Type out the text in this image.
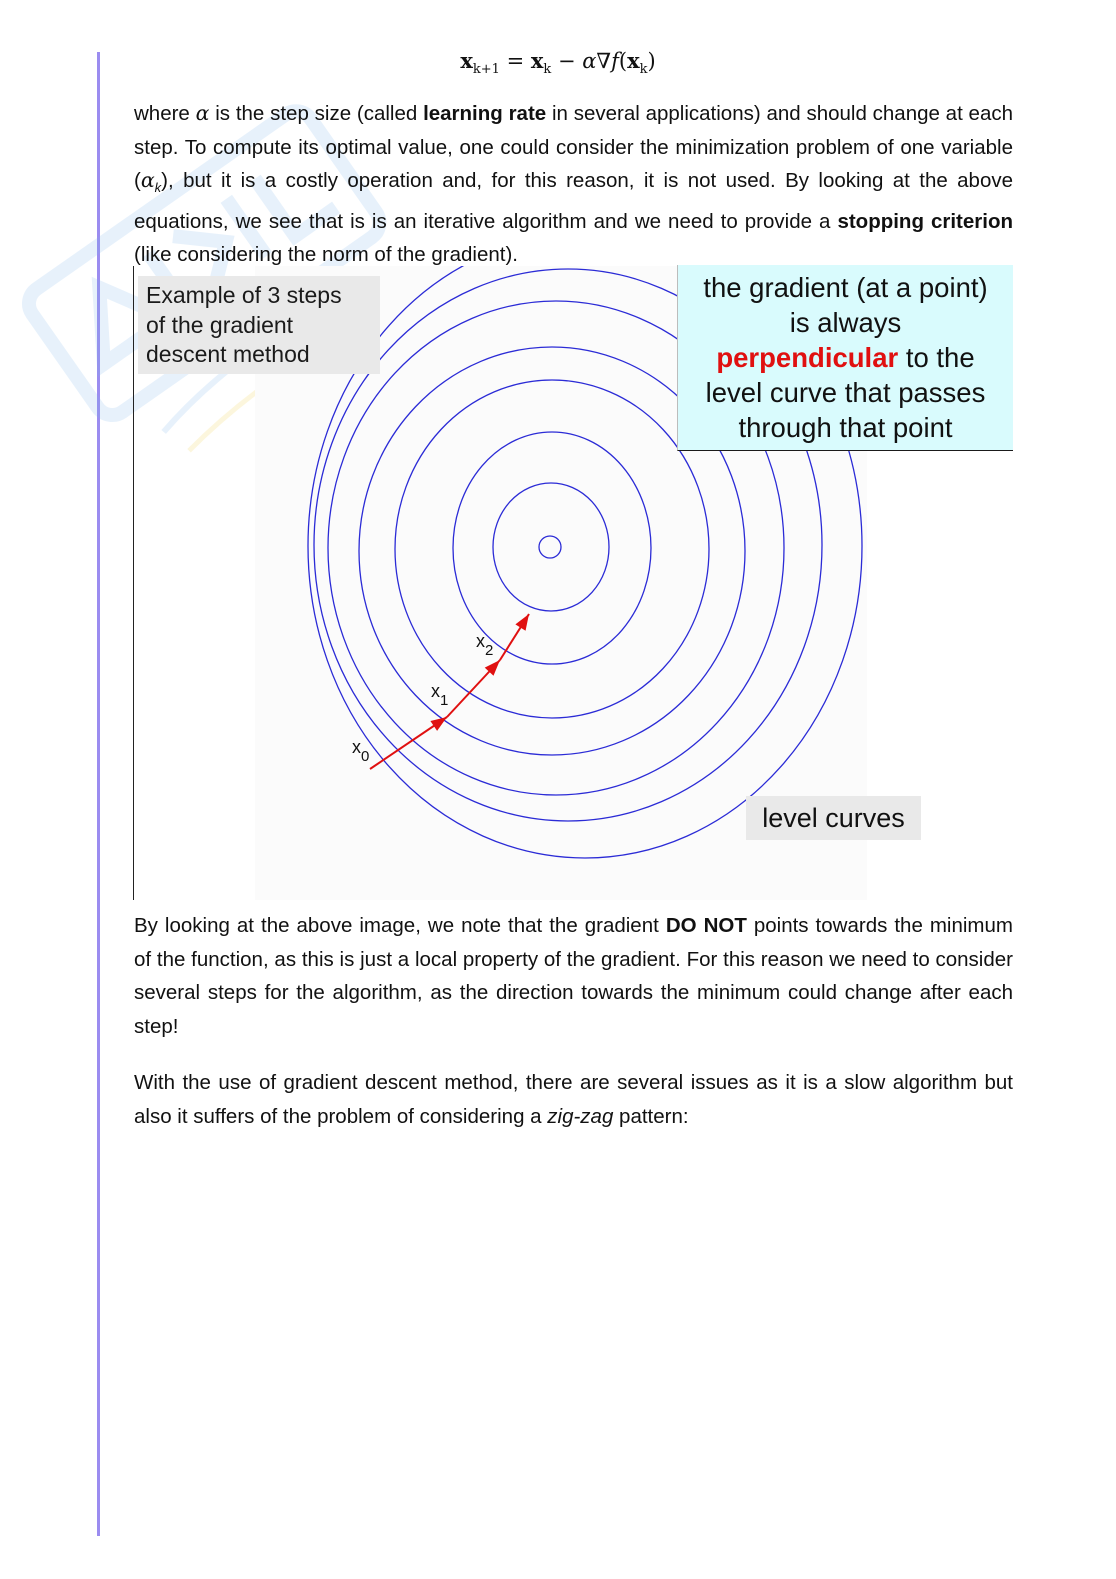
$x_{k+1} = x_k - \alpha\nabla f(x_k)$

where α is the step size (called learning rate in several applications) and should change at each step. To compute its optimal value, one could consider the minimization problem of one variable $(\alpha_k)$, but it is a costly operation and, for this reason, it is not used. By looking at the above equations, we see that is is an iterative algorithm and we need to provide a stopping criterion (like considering the norm of the gradient).

$x_0$
$x_1$
$x_2$
Example of 3 steps
of the gradient
descent method
the gradient (at a point)
is always
perpendicular to the
level curve that passes
through that point
level curves

By looking at the above image, we note that the gradient DO NOT points towards the minimum of the function, as this is just a local property of the gradient. For this reason we need to consider several steps for the algorithm, as the direction towards the minimum could change after each step!

With the use of gradient descent method, there are several issues as it is a slow algorithm but also it suffers of the problem of considering a zig-zag pattern:
